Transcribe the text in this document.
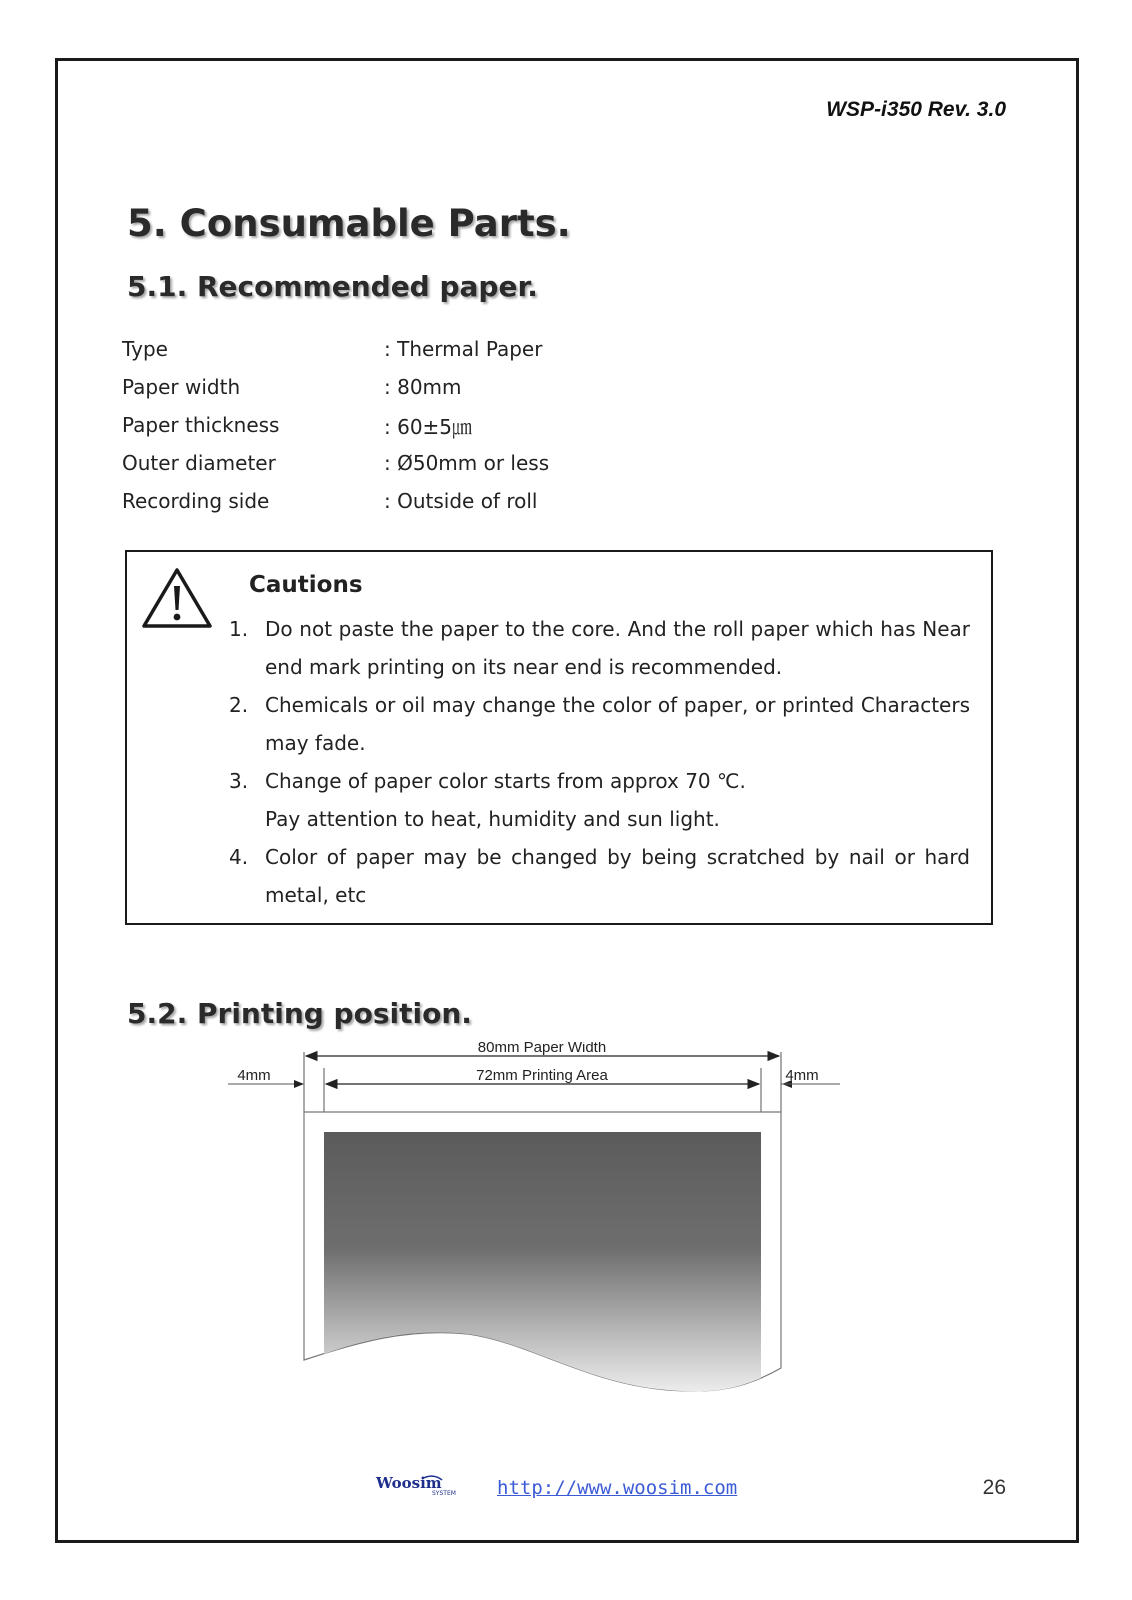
WSP-i350 Rev. 3.0
5. Consumable Parts.
5.1. Recommended paper.
Type	: Thermal Paper
Paper width	: 80mm
Paper thickness	: 60±5㎛
Outer diameter	: Ø50mm or less
Recording side	: Outside of roll
Cautions
1. Do not paste the paper to the core. And the roll paper which has Near end mark printing on its near end is recommended.
2. Chemicals or oil may change the color of paper, or printed Characters may fade.
3. Change of paper color starts from approx 70 ℃.
Pay attention to heat, humidity and sun light.
4. Color of paper may be changed by being scratched by nail or hard metal, etc
5.2. Printing position.
80mm Paper Width
72mm Printing Area
4mm	4mm
Woosim
SYSTEM http://www.woosim.com	26
